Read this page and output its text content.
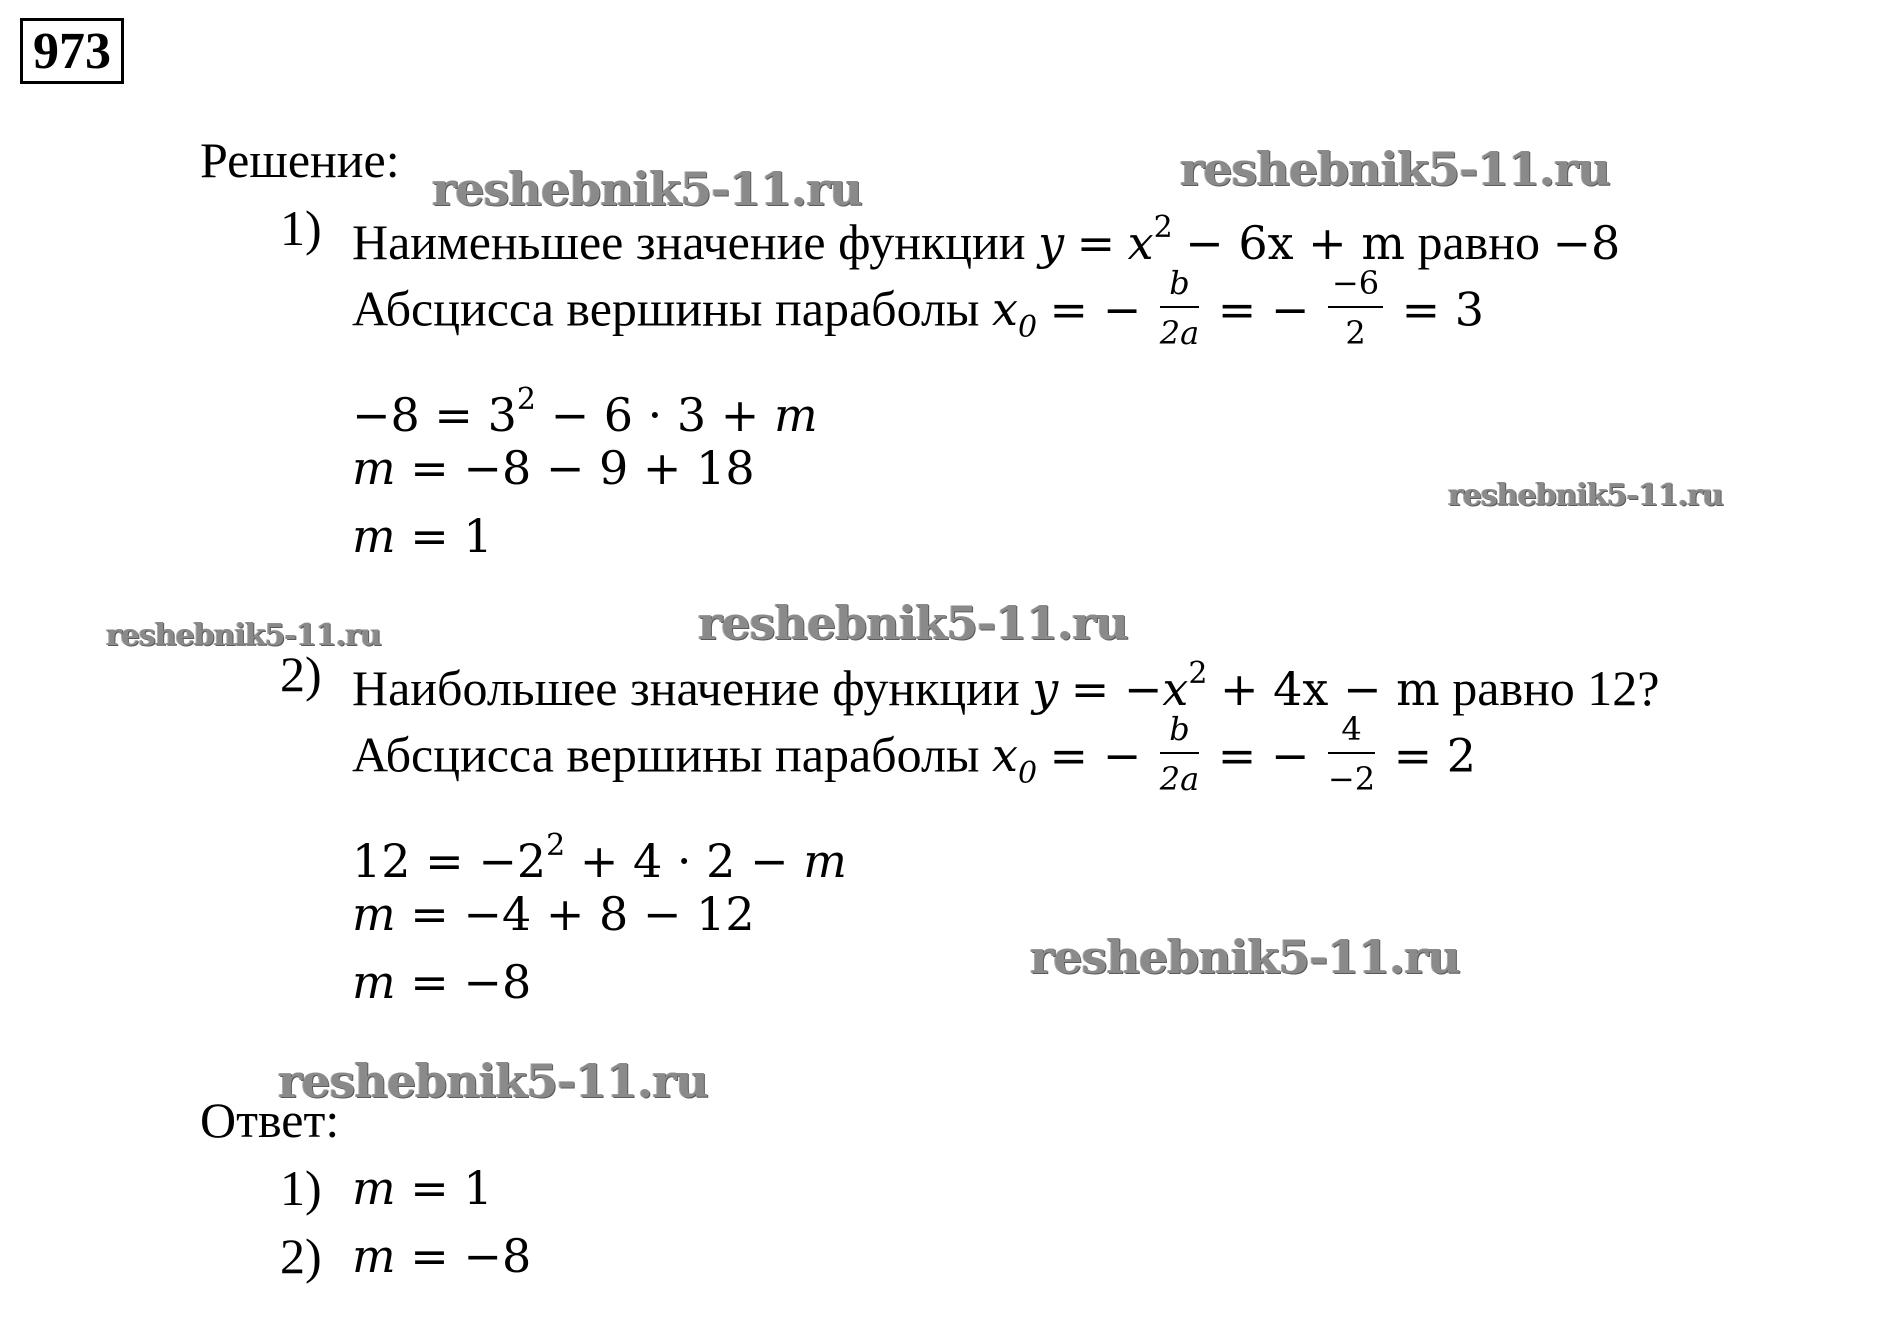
973
Решение:
1) Наименьшее значение функции $y = x^2 - 6x + m$ равно −8
Абсцисса вершины параболы $x_0$ = − $\frac{b}{2a}$ = − $\frac{-6}{2} = 3$
$-8 = 3^2 - 6 \cdot 3 + m$
m = −8 − 9 + 18
m = 1
2) Наибольшее значение функции $y = -x^2 + 4x - m$ равно 12?
Абсцисса вершины параболы $x_0$ = − $\frac{b}{2a}$ = − $\frac{4}{-2} = 2$
$12 = -2^2 + 4 \cdot 2 - m$
m = −4 + 8 − 12
m = −8
Ответ:
1) m = 1
2) m = −8
reshebnik5-11.ru	reshebnik5-11.ru
reshebnik5-11.ru
reshebnik5-11.ru	reshebnik5-11.ru
reshebnik5-11.ru
reshebnik5-11.ru
